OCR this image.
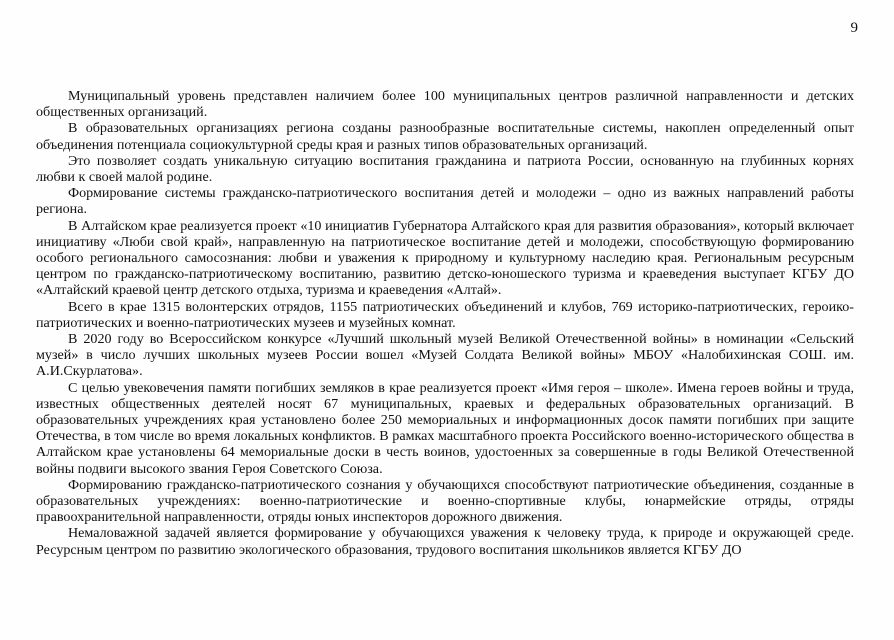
9

Муниципальный уровень представлен наличием более 100 муниципальных центров различной направленности и детских общественных организаций.

В образовательных организациях региона созданы разнообразные воспитательные системы, накоплен определенный опыт объединения потенциала социокультурной среды края и разных типов образовательных организаций.

Это позволяет создать уникальную ситуацию воспитания гражданина и патриота России, основанную на глубинных корнях любви к своей малой родине.

Формирование системы гражданско-патриотического воспитания детей и молодежи – одно из важных направлений работы региона.

В Алтайском крае реализуется проект «10 инициатив Губернатора Алтайского края для развития образования», который включает инициативу «Люби свой край», направленную на патриотическое воспитание детей и молодежи, способствующую формированию особого регионального самосознания: любви и уважения к природному и культурному наследию края. Региональным ресурсным центром по гражданско-патриотическому воспитанию, развитию детско-юношеского туризма и краеведения выступает КГБУ ДО «Алтайский краевой центр детского отдыха, туризма и краеведения «Алтай».

Всего в крае 1315 волонтерских отрядов, 1155 патриотических объединений и клубов, 769 историко-патриотических, героико-патриотических и военно-патриотических музеев и музейных комнат.

В 2020 году во Всероссийском конкурсе «Лучший школьный музей Великой Отечественной войны» в номинации «Сельский музей» в число лучших школьных музеев России вошел «Музей Солдата Великой войны» МБОУ «Налобихинская СОШ. им. А.И.Скурлатова».

С целью увековечения памяти погибших земляков в крае реализуется проект «Имя героя – школе». Имена героев войны и труда, известных общественных деятелей носят 67 муниципальных, краевых и федеральных образовательных организаций. В образовательных учреждениях края установлено более 250 мемориальных и информационных досок памяти погибших при защите Отечества, в том числе во время локальных конфликтов. В рамках масштабного проекта Российского военно-исторического общества в Алтайском крае установлены 64 мемориальные доски в честь воинов, удостоенных за совершенные в годы Великой Отечественной войны подвиги высокого звания Героя Советского Союза.

Формированию гражданско-патриотического сознания у обучающихся способствуют патриотические объединения, созданные в образовательных учреждениях: военно-патриотические и военно-спортивные клубы, юнармейские отряды, отряды правоохранительной направленности, отряды юных инспекторов дорожного движения.

Немаловажной задачей является формирование у обучающихся уважения к человеку труда, к природе и окружающей среде. Ресурсным центром по развитию экологического образования, трудового воспитания школьников является КГБУ ДО
